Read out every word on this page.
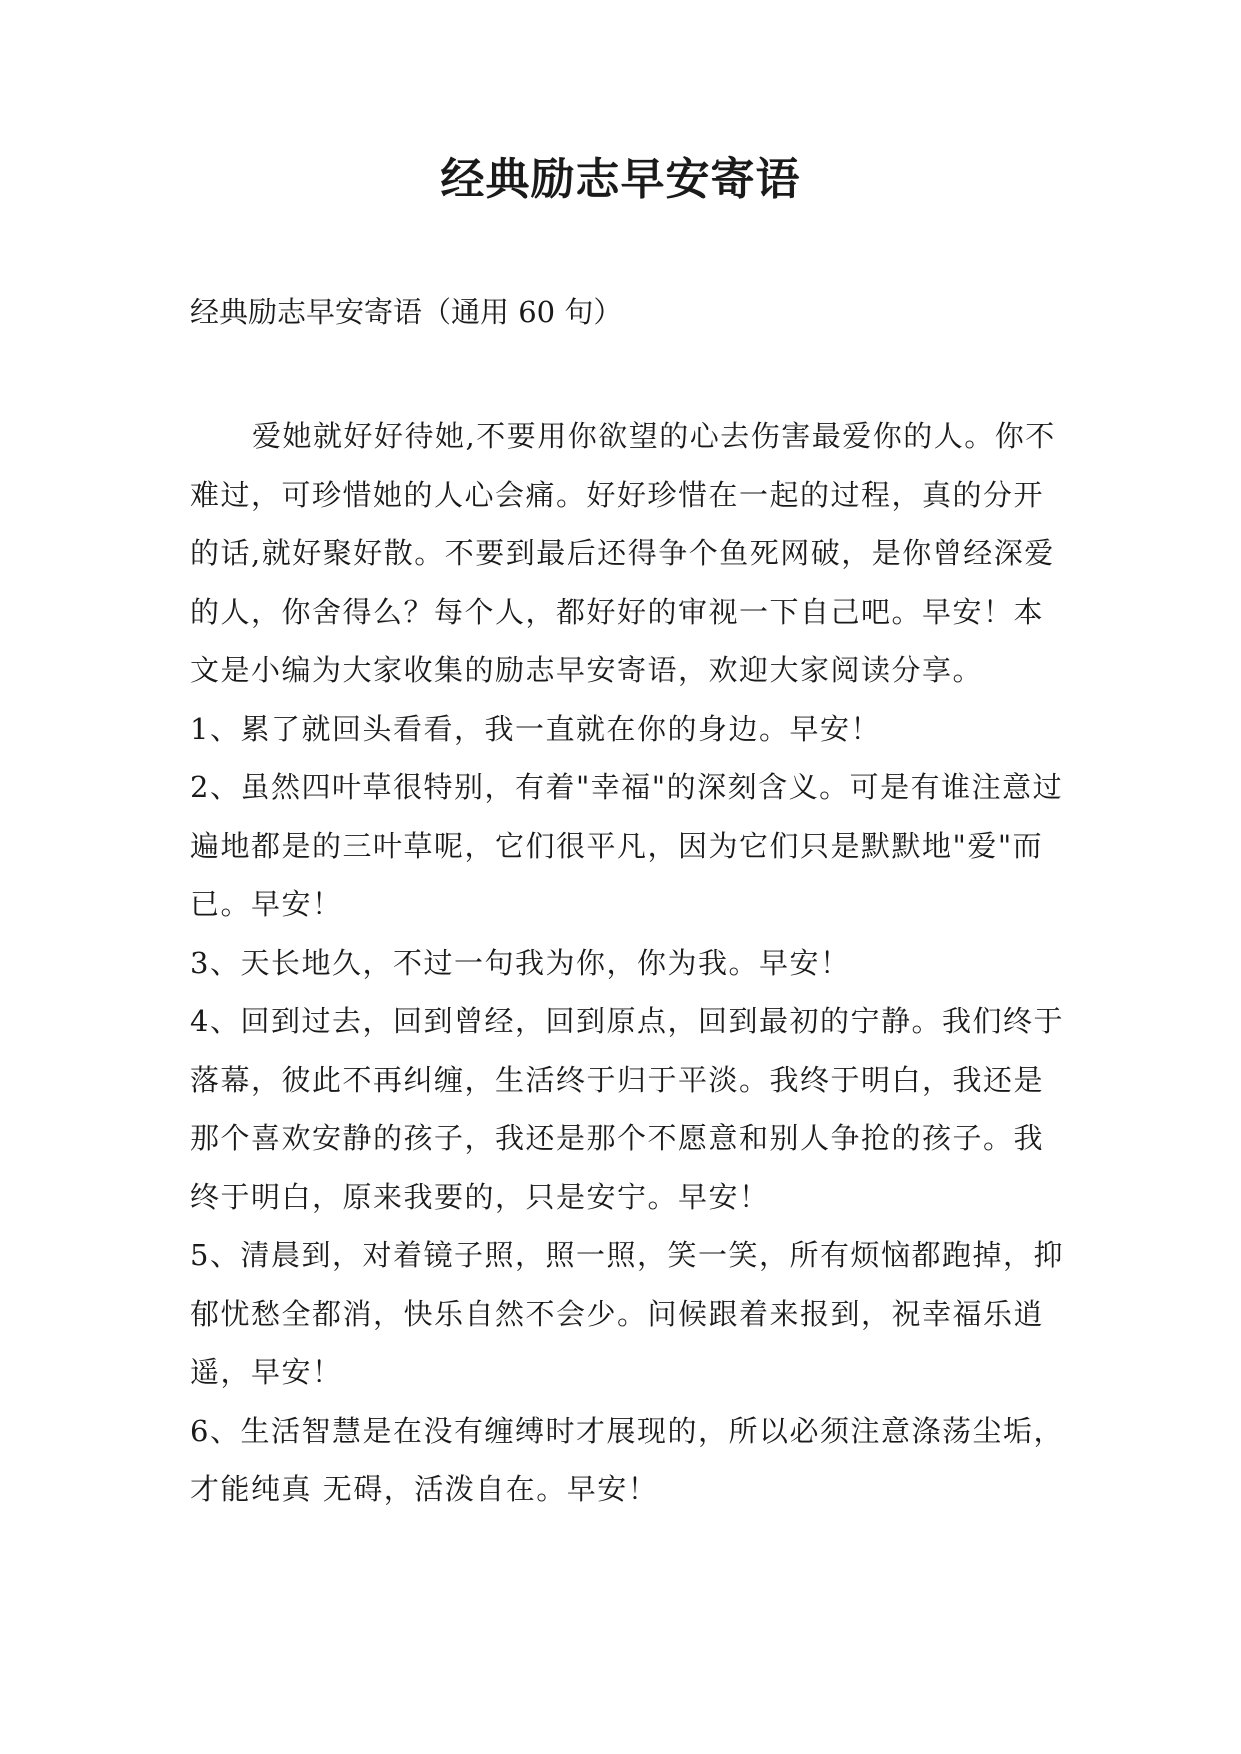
经典励志早安寄语
经典励志早安寄语（通用 60 句）

爱她就好好待她,不要用你欲望的心去伤害最爱你的人。你不难过，可珍惜她的人心会痛。好好珍惜在一起的过程，真的分开的话,就好聚好散。不要到最后还得争个鱼死网破，是你曾经深爱的人，你舍得么？每个人，都好好的审视一下自己吧。早安！本文是小编为大家收集的励志早安寄语，欢迎大家阅读分享。

1、累了就回头看看，我一直就在你的身边。早安！

2、虽然四叶草很特别，有着"幸福"的深刻含义。可是有谁注意过遍地都是的三叶草呢，它们很平凡，因为它们只是默默地"爱"而已。早安！

3、天长地久，不过一句我为你，你为我。早安！

4、回到过去，回到曾经，回到原点，回到最初的宁静。我们终于落幕，彼此不再纠缠，生活终于归于平淡。我终于明白，我还是那个喜欢安静的孩子，我还是那个不愿意和别人争抢的孩子。我终于明白，原来我要的，只是安宁。早安！

5、清晨到，对着镜子照，照一照，笑一笑，所有烦恼都跑掉，抑郁忧愁全都消，快乐自然不会少。问候跟着来报到，祝幸福乐逍遥，早安！

6、生活智慧是在没有缠缚时才展现的，所以必须注意涤荡尘垢，才能纯真 无碍，活泼自在。早安！
